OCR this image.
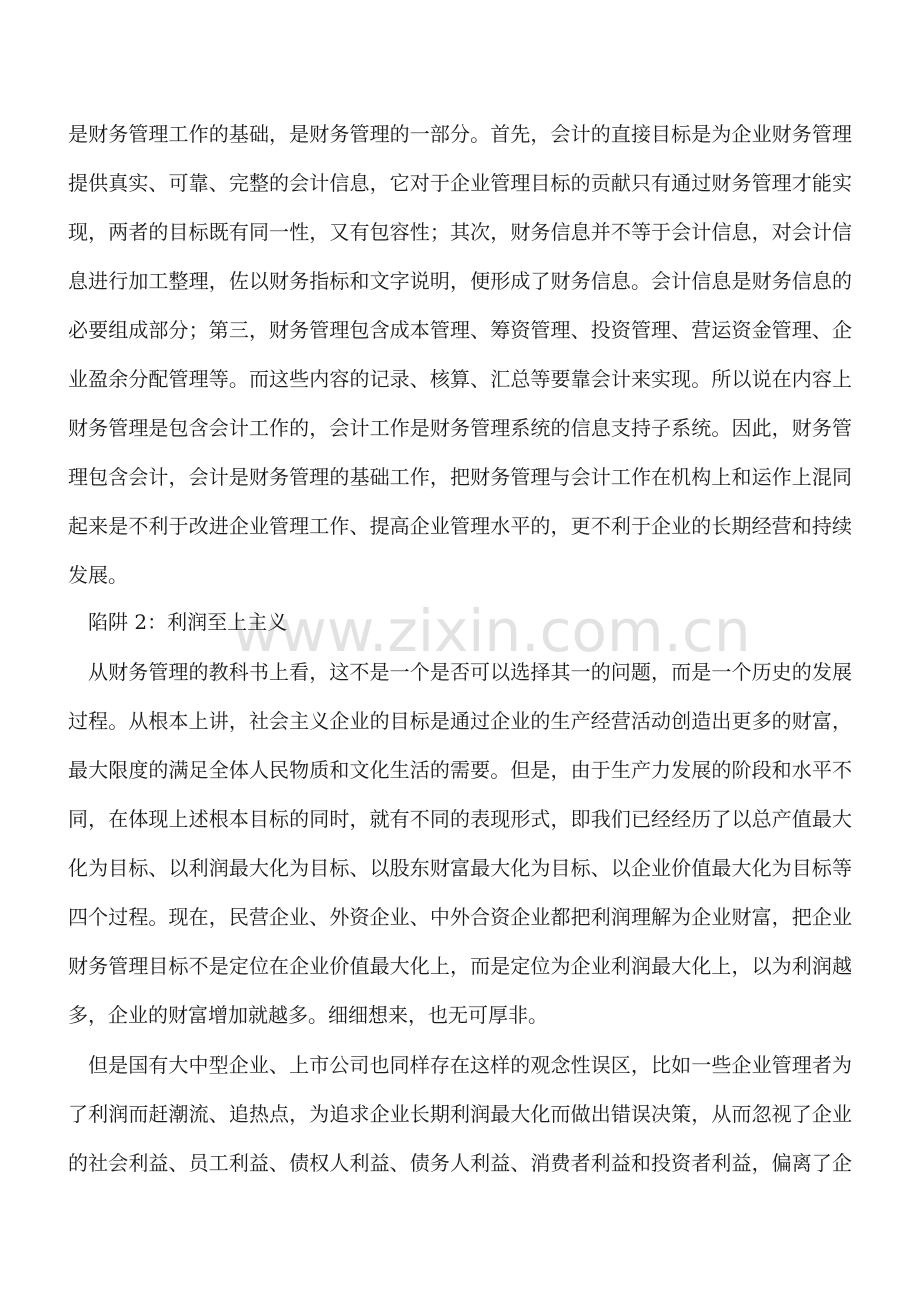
www.zixin.com.cn

是财务管理工作的基础，是财务管理的一部分。首先，会计的直接目标是为企业财务管理

提供真实、可靠、完整的会计信息，它对于企业管理目标的贡献只有通过财务管理才能实

现，两者的目标既有同一性，又有包容性；其次，财务信息并不等于会计信息，对会计信

息进行加工整理，佐以财务指标和文字说明，便形成了财务信息。会计信息是财务信息的

必要组成部分；第三，财务管理包含成本管理、筹资管理、投资管理、营运资金管理、企

业盈余分配管理等。而这些内容的记录、核算、汇总等要靠会计来实现。所以说在内容上

财务管理是包含会计工作的，会计工作是财务管理系统的信息支持子系统。因此，财务管

理包含会计，会计是财务管理的基础工作，把财务管理与会计工作在机构上和运作上混同

起来是不利于改进企业管理工作、提高企业管理水平的，更不利于企业的长期经营和持续

发展。

陷阱 2：利润至上主义

从财务管理的教科书上看，这不是一个是否可以选择其一的问题，而是一个历史的发展

过程。从根本上讲，社会主义企业的目标是通过企业的生产经营活动创造出更多的财富，

最大限度的满足全体人民物质和文化生活的需要。但是，由于生产力发展的阶段和水平不

同，在体现上述根本目标的同时，就有不同的表现形式，即我们已经经历了以总产值最大

化为目标、以利润最大化为目标、以股东财富最大化为目标、以企业价值最大化为目标等

四个过程。现在，民营企业、外资企业、中外合资企业都把利润理解为企业财富，把企业

财务管理目标不是定位在企业价值最大化上，而是定位为企业利润最大化上，以为利润越

多，企业的财富增加就越多。细细想来，也无可厚非。

但是国有大中型企业、上市公司也同样存在这样的观念性误区，比如一些企业管理者为

了利润而赶潮流、追热点，为追求企业长期利润最大化而做出错误决策，从而忽视了企业

的社会利益、员工利益、债权人利益、债务人利益、消费者利益和投资者利益，偏离了企
